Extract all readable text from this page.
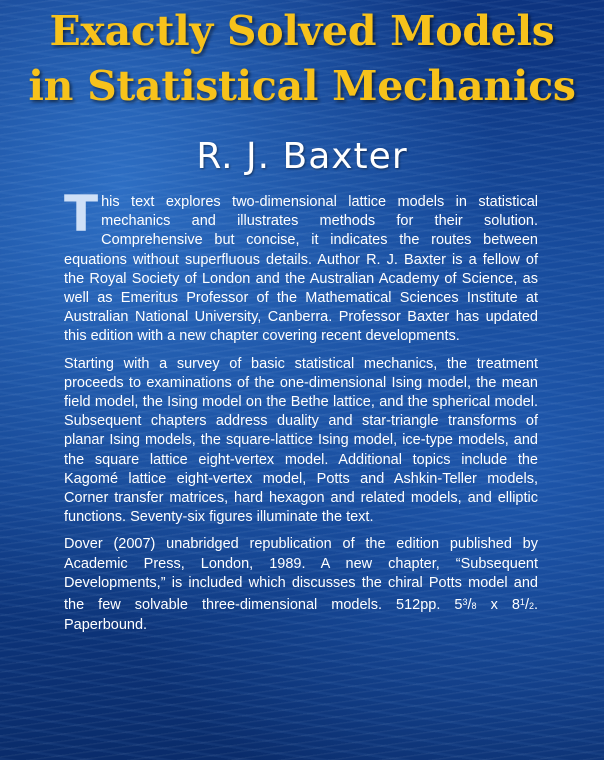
Exactly Solved Models
in Statistical Mechanics
R. J. Baxter

This text explores two-dimensional lattice models in statistical mechanics and illustrates methods for their solution. Comprehensive but concise, it indicates the routes between equations without superfluous details. Author R. J. Baxter is a fellow of the Royal Society of London and the Australian Academy of Science, as well as Emeritus Professor of the Mathematical Sciences Institute at Australian National University, Canberra. Professor Baxter has updated this edition with a new chapter covering recent developments.

Starting with a survey of basic statistical mechanics, the treatment proceeds to examinations of the one-dimensional Ising model, the mean field model, the Ising model on the Bethe lattice, and the spherical model. Subsequent chapters address duality and star-triangle transforms of planar Ising models, the square-lattice Ising model, ice-type models, and the square lattice eight-vertex model. Additional topics include the Kagomé lattice eight-vertex model, Potts and Ashkin-Teller models, Corner transfer matrices, hard hexagon and related models, and elliptic functions. Seventy-six figures illuminate the text.

Dover (2007) unabridged republication of the edition published by Academic Press, London, 1989. A new chapter, “Subsequent Developments,” is included which discusses the chiral Potts model and the few solvable three-dimensional models. 512pp. $5^3/8$ x $8^1/2$. Paperbound.
